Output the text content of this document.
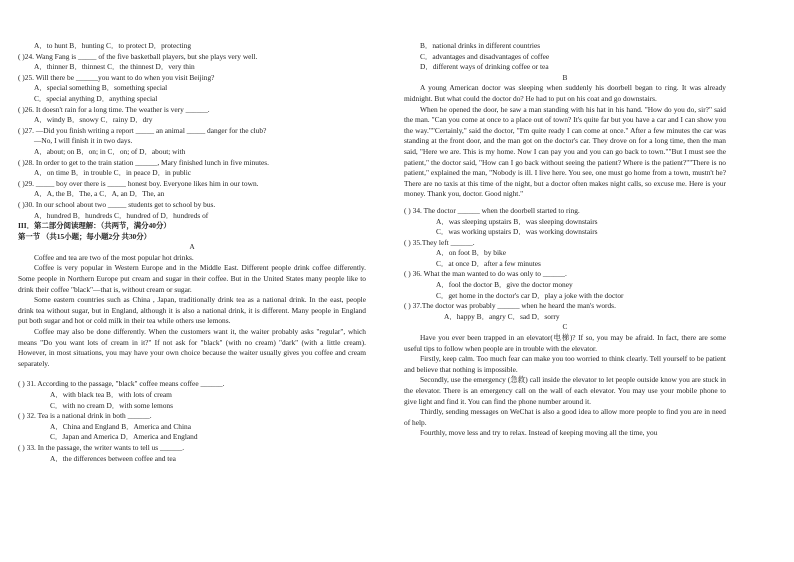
A．to hunt B．hunting C．to protect D．protecting
( )24. Wang Fang is _____ of the five basketball players, but she plays very well.
A．thinner B．thinnest C．the thinnest D．very thin
( )25. Will there be ______you want to do when you visit Beijing?
A．special something B．something special
C．special anything D．anything special
( )26. It doesn't rain for a long time. The weather is very ______.
A．windy B．snowy C．rainy D．dry
( )27. —Did you finish writing a report _____ an animal _____ danger for the club?
—No, I will finish it in two days.
A．about; on B．on; in C．on; of D．about; with
( )28. In order to get to the train station ______, Mary finished lunch in five minutes.
A．on time B．in trouble C．in peace D．in public
( )29. _____ boy over there is _____ honest boy. Everyone likes him in our town.
A．A, the B．The, a C．A, an D．The, an
( )30. In our school about two _____ students get to school by bus.
A．hundred B．hundreds C．hundred of D．hundreds of
III．第二部分阅读理解：（共两节，满分40分）
第一节 （共15小题；每小题2分 共30分）
A
Coffee and tea are two of the most popular hot drinks.
Coffee is very popular in Western Europe and in the Middle East. Different people drink coffee differently. Some people in Northern Europe put cream and sugar in their coffee. But in the United States many people like to drink their coffee "black"—that is, without cream or sugar.
Some eastern countries such as China , Japan, traditionally drink tea as a national drink. In the east, people drink tea without sugar, but in England, although it is also a national drink, it is different. Many people in England put both sugar and hot or cold milk in their tea while others use lemons.
Coffee may also be done differently. When the customers want it, the waiter probably asks "regular", which means "Do you want lots of cream in it?" If not ask for "black" (with no cream) "dark" (with a little cream). However, in most situations, you may have your own choice because the waiter usually gives you coffee and cream separately.
( ) 31. According to the passage, "black" coffee means coffee ______.
A．with black tea B．with lots of cream
C．with no cream D．with some lemons
( ) 32. Tea is a national drink in both ______.
A．China and England B．America and China
C．Japan and America D．America and England
( ) 33. In the passage, the writer wants to tell us ______.
A．the differences between coffee and tea
B．national drinks in different countries
C．advantages and disadvantages of coffee
D．different ways of drinking coffee or tea
B
A young American doctor was sleeping when suddenly his doorbell began to ring. It was already midnight. But what could the doctor do? He had to put on his coat and go downstairs.
When he opened the door, he saw a man standing with his hat in his hand. "How do you do, sir?" said the man. "Can you come at once to a place out of town? It's quite far but you have a car and I can show you the way.""Certainly," said the doctor, "I'm quite ready I can come at once." After a few minutes the car was standing at the front door, and the man got on the doctor's car. They drove on for a long time, then the man said, "Here we are. This is my home. Now I can pay you and you can go back to town.""But I must see the patient," the doctor said, "How can I go back without seeing the patient? Where is the patient?""There is no patient," explained the man, "Nobody is ill. I live here. You see, one must go home from a town, mustn't he? There are no taxis at this time of the night, but a doctor often makes night calls, so excuse me. Here is your money. Thank you, doctor. Good night."
( ) 34. The doctor ______ when the doorbell started to ring.
A．was sleeping upstairs B．was sleeping downstairs
C．was working upstairs D．was working downstairs
( ) 35.They left ______.
A．on foot B．by bike
C．at once D．after a few minutes
( ) 36. What the man wanted to do was only to ______.
A．fool the doctor B．give the doctor money
C．get home in the doctor's car D．play a joke with the doctor
( ) 37.The doctor was probably ______ when he heard the man's words.
A．happy B．angry C．sad D．sorry
C
Have you ever been trapped in an elevator(电梯)? If so, you may be afraid. In fact, there are some useful tips to follow when people are in trouble with the elevator.
Firstly, keep calm. Too much fear can make you too worried to think clearly. Tell yourself to be patient and believe that nothing is impossible.
Secondly, use the emergency (急救) call inside the elevator to let people outside know you are stuck in the elevator. There is an emergency call on the wall of each elevator. You may use your mobile phone to give light and find it. You can find the phone number around it.
Thirdly, sending messages on WeChat is also a good idea to allow more people to find you are in need of help.
Fourthly, move less and try to relax. Instead of keeping moving all the time, you
